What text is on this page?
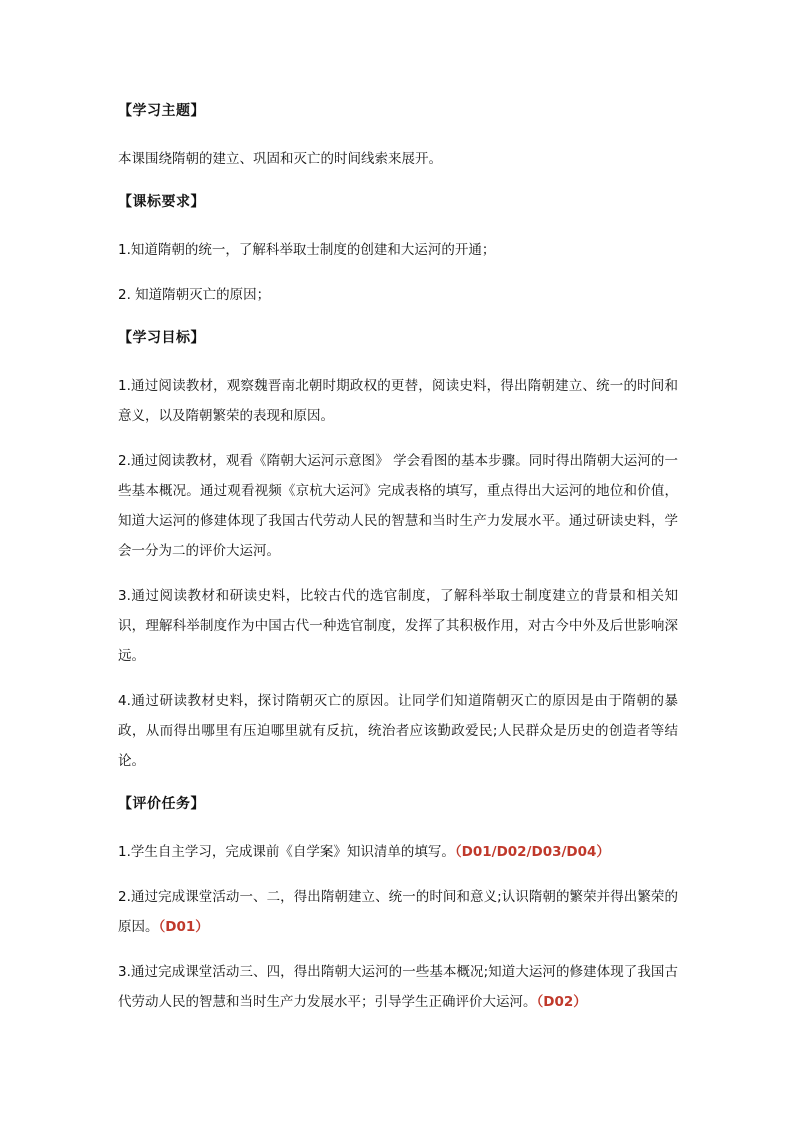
【学习主题】

本课围绕隋朝的建立、巩固和灭亡的时间线索来展开。

【课标要求】

1.知道隋朝的统一，了解科举取士制度的创建和大运河的开通；

2. 知道隋朝灭亡的原因；

【学习目标】

1.通过阅读教材，观察魏晋南北朝时期政权的更替，阅读史料，得出隋朝建立、统一的时间和意义，以及隋朝繁荣的表现和原因。

2.通过阅读教材，观看《隋朝大运河示意图》 学会看图的基本步骤。同时得出隋朝大运河的一些基本概况。通过观看视频《京杭大运河》完成表格的填写，重点得出大运河的地位和价值，知道大运河的修建体现了我国古代劳动人民的智慧和当时生产力发展水平。通过研读史料，学会一分为二的评价大运河。

3.通过阅读教材和研读史料，比较古代的选官制度，了解科举取士制度建立的背景和相关知识，理解科举制度作为中国古代一种选官制度，发挥了其积极作用，对古今中外及后世影响深远。

4.通过研读教材史料，探讨隋朝灭亡的原因。让同学们知道隋朝灭亡的原因是由于隋朝的暴政，从而得出哪里有压迫哪里就有反抗，统治者应该勤政爱民;人民群众是历史的创造者等结论。

【评价任务】

1.学生自主学习，完成课前《自学案》知识清单的填写。（D01/D02/D03/D04）

2.通过完成课堂活动一、二，得出隋朝建立、统一的时间和意义;认识隋朝的繁荣并得出繁荣的原因。（D01）

3.通过完成课堂活动三、四，得出隋朝大运河的一些基本概况;知道大运河的修建体现了我国古代劳动人民的智慧和当时生产力发展水平；引导学生正确评价大运河。（D02）
